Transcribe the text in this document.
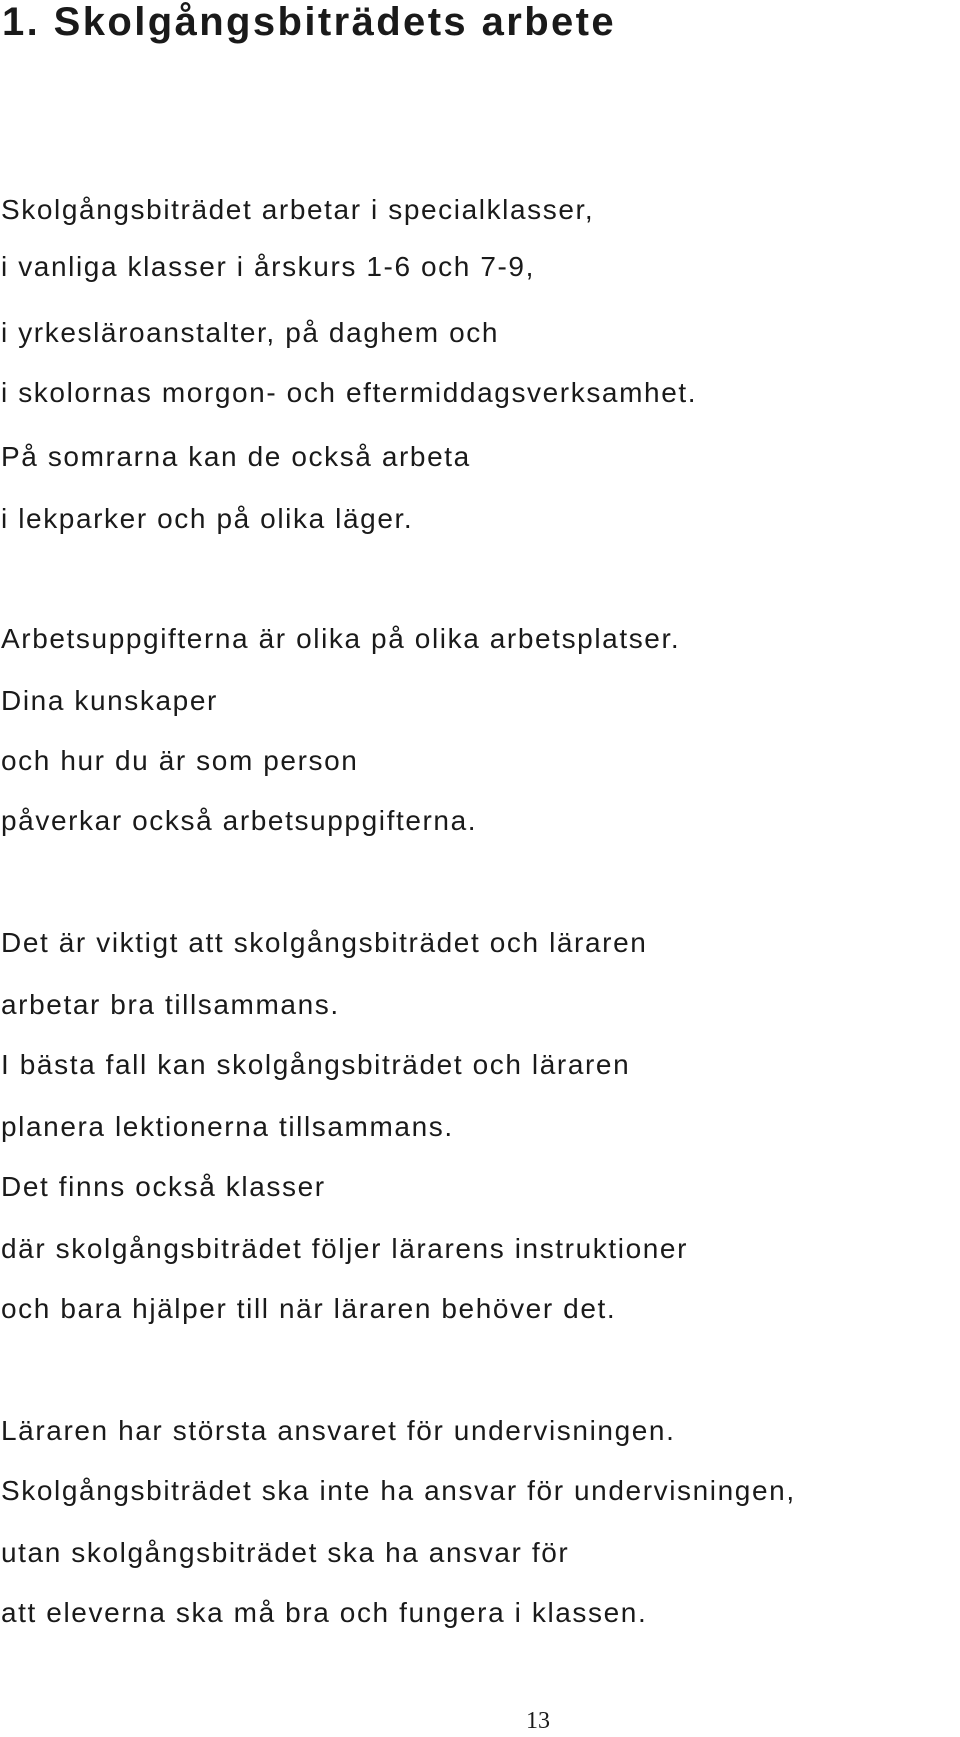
1. Skolgångsbiträdets arbete

Skolgångsbiträdet arbetar i specialklasser,

i vanliga klasser i årskurs 1-6 och 7-9,

i yrkesläroanstalter, på daghem och

i skolornas morgon- och eftermiddagsverksamhet.

På somrarna kan de också arbeta

i lekparker och på olika läger.

Arbetsuppgifterna är olika på olika arbetsplatser.

Dina kunskaper

och hur du är som person

påverkar också arbetsuppgifterna.

Det är viktigt att skolgångsbiträdet och läraren

arbetar bra tillsammans.

I bästa fall kan skolgångsbiträdet och läraren

planera lektionerna tillsammans.

Det finns också klasser

där skolgångsbiträdet följer lärarens instruktioner

och bara hjälper till när läraren behöver det.

Läraren har största ansvaret för undervisningen.

Skolgångsbiträdet ska inte ha ansvar för undervisningen,

utan skolgångsbiträdet ska ha ansvar för

att eleverna ska må bra och fungera i klassen.

13
